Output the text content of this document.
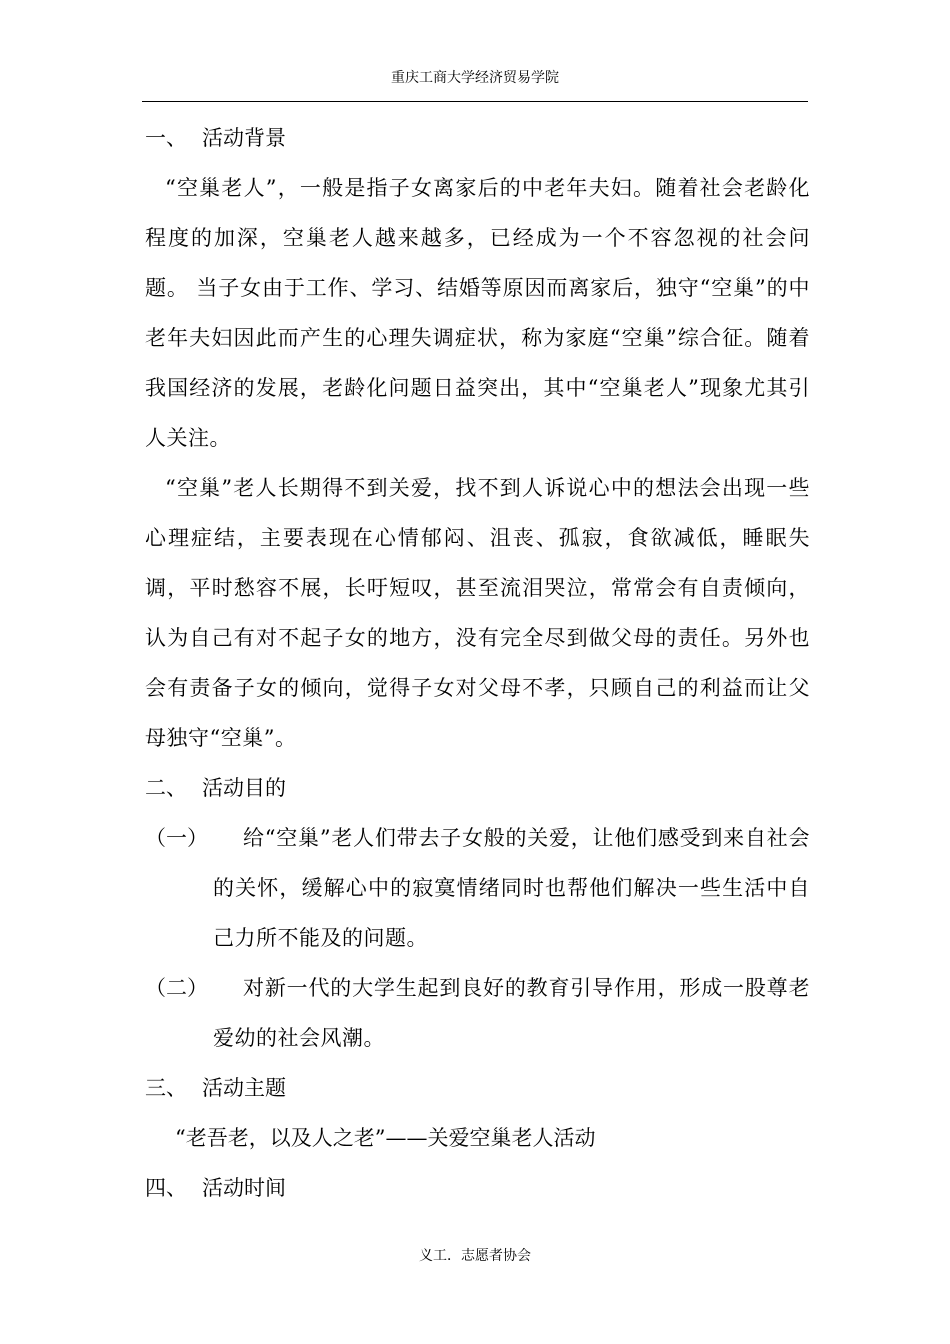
重庆工商大学经济贸易学院
一、 活动背景
“空巢老人”，一般是指子女离家后的中老年夫妇。随着社会老龄化程度的加深，空巢老人越来越多，已经成为一个不容忽视的社会问题。 当子女由于工作、学习、结婚等原因而离家后，独守“空巢”的中老年夫妇因此而产生的心理失调症状，称为家庭“空巢”综合征。随着我国经济的发展，老龄化问题日益突出，其中“空巢老人”现象尤其引人关注。
“空巢”老人长期得不到关爱，找不到人诉说心中的想法会出现一些心理症结，主要表现在心情郁闷、沮丧、孤寂，食欲减低，睡眠失调，平时愁容不展，长吁短叹，甚至流泪哭泣，常常会有自责倾向，认为自己有对不起子女的地方，没有完全尽到做父母的责任。另外也会有责备子女的倾向，觉得子女对父母不孝，只顾自己的利益而让父母独守“空巢”。
二、 活动目的
（一）	给“空巢”老人们带去子女般的关爱，让他们感受到来自社会的关怀，缓解心中的寂寞情绪同时也帮他们解决一些生活中自己力所不能及的问题。
（二）	对新一代的大学生起到良好的教育引导作用，形成一股尊老爱幼的社会风潮。
三、 活动主题
“老吾老，以及人之老”——关爱空巢老人活动
四、 活动时间
义工．志愿者协会
